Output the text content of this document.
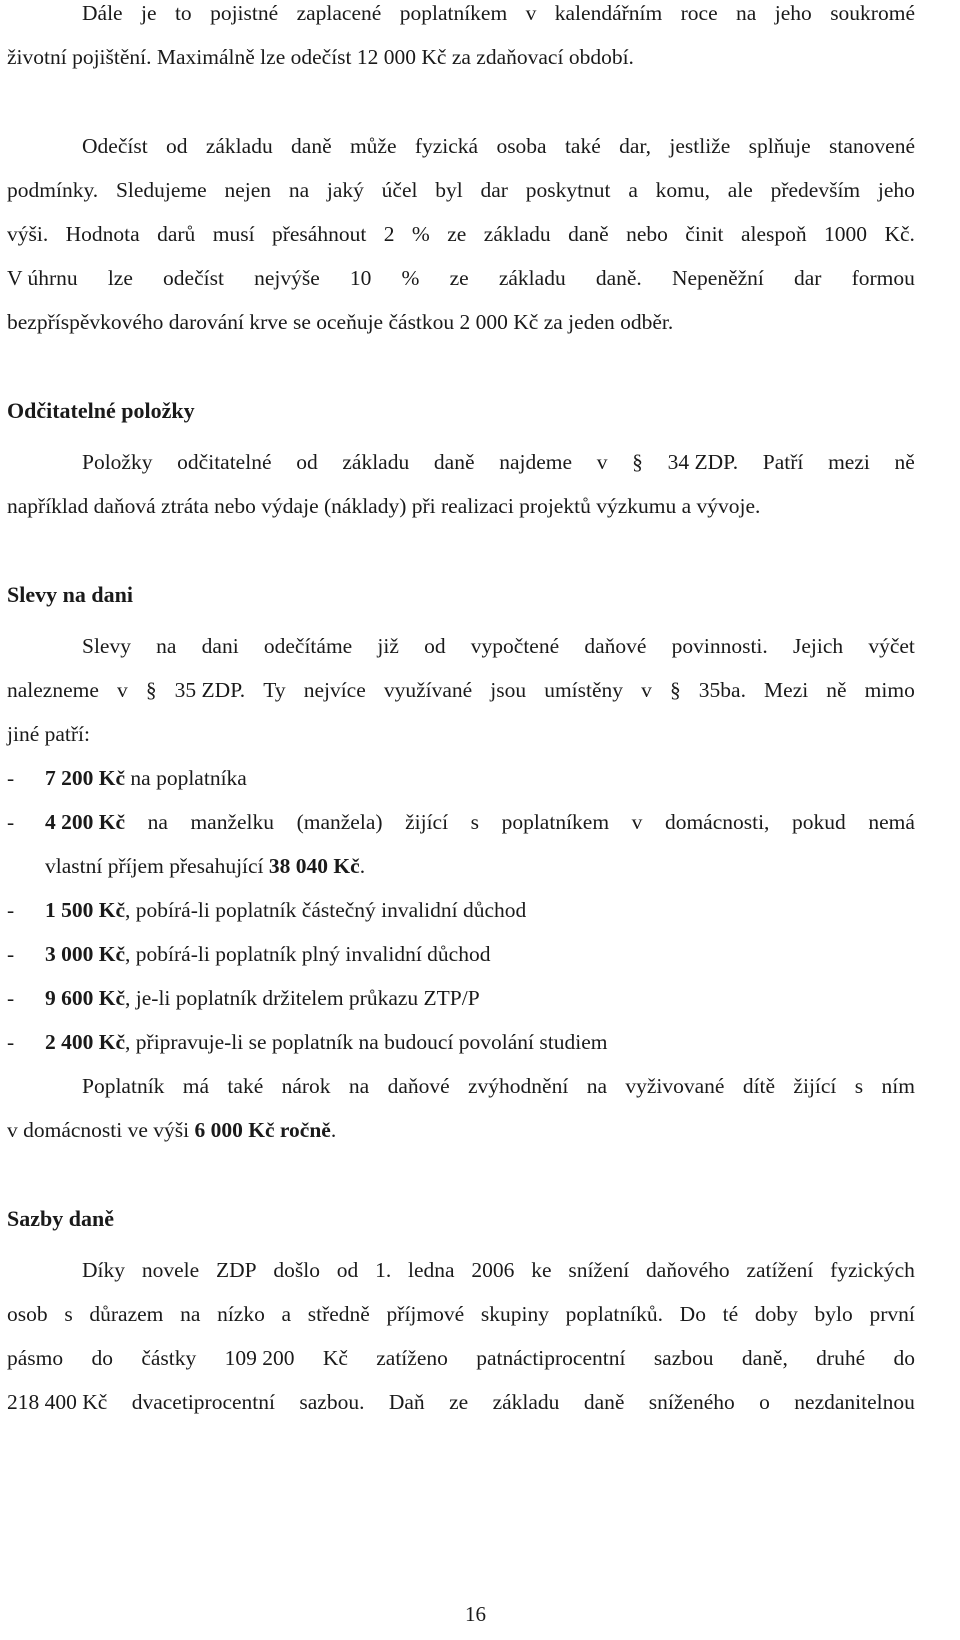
Dále je to pojistné zaplacené poplatníkem v kalendářním roce na jeho soukromé
životní pojištění. Maximálně lze odečíst 12 000 Kč za zdaňovací období.
Odečíst od základu daně může fyzická osoba také dar, jestliže splňuje stanovené
podmínky. Sledujeme nejen na jaký účel byl dar poskytnut a komu, ale především jeho
výši. Hodnota darů musí přesáhnout 2 % ze základu daně nebo činit alespoň 1000 Kč.
V úhrnu lze odečíst nejvýše 10 % ze základu daně. Nepeněžní dar formou
bezpříspěvkového darování krve se oceňuje částkou 2 000 Kč za jeden odběr.
Odčitatelné položky
Položky odčitatelné od základu daně najdeme v § 34 ZDP. Patří mezi ně
například daňová ztráta nebo výdaje (náklady) při realizaci projektů výzkumu a vývoje.
Slevy na dani
Slevy na dani odečítáme již od vypočtené daňové povinnosti. Jejich výčet
nalezneme v § 35 ZDP. Ty nejvíce využívané jsou umístěny v § 35ba. Mezi ně mimo
jiné patří:
- 7 200 Kč na poplatníka
- 4 200 Kč na manželku (manžela) žijící s poplatníkem v domácnosti, pokud nemá
vlastní příjem přesahující 38 040 Kč.
- 1 500 Kč, pobírá-li poplatník částečný invalidní důchod
- 3 000 Kč, pobírá-li poplatník plný invalidní důchod
- 9 600 Kč, je-li poplatník držitelem průkazu ZTP/P
- 2 400 Kč, připravuje-li se poplatník na budoucí povolání studiem
Poplatník má také nárok na daňové zvýhodnění na vyživované dítě žijící s ním
v domácnosti ve výši 6 000 Kč ročně.
Sazby daně
Díky novele ZDP došlo od 1. ledna 2006 ke snížení daňového zatížení fyzických
osob s důrazem na nízko a středně příjmové skupiny poplatníků. Do té doby bylo první
pásmo do částky 109 200 Kč zatíženo patnáctiprocentní sazbou daně, druhé do
218 400 Kč dvacetiprocentní sazbou. Daň ze základu daně sníženého o nezdanitelnou
16
